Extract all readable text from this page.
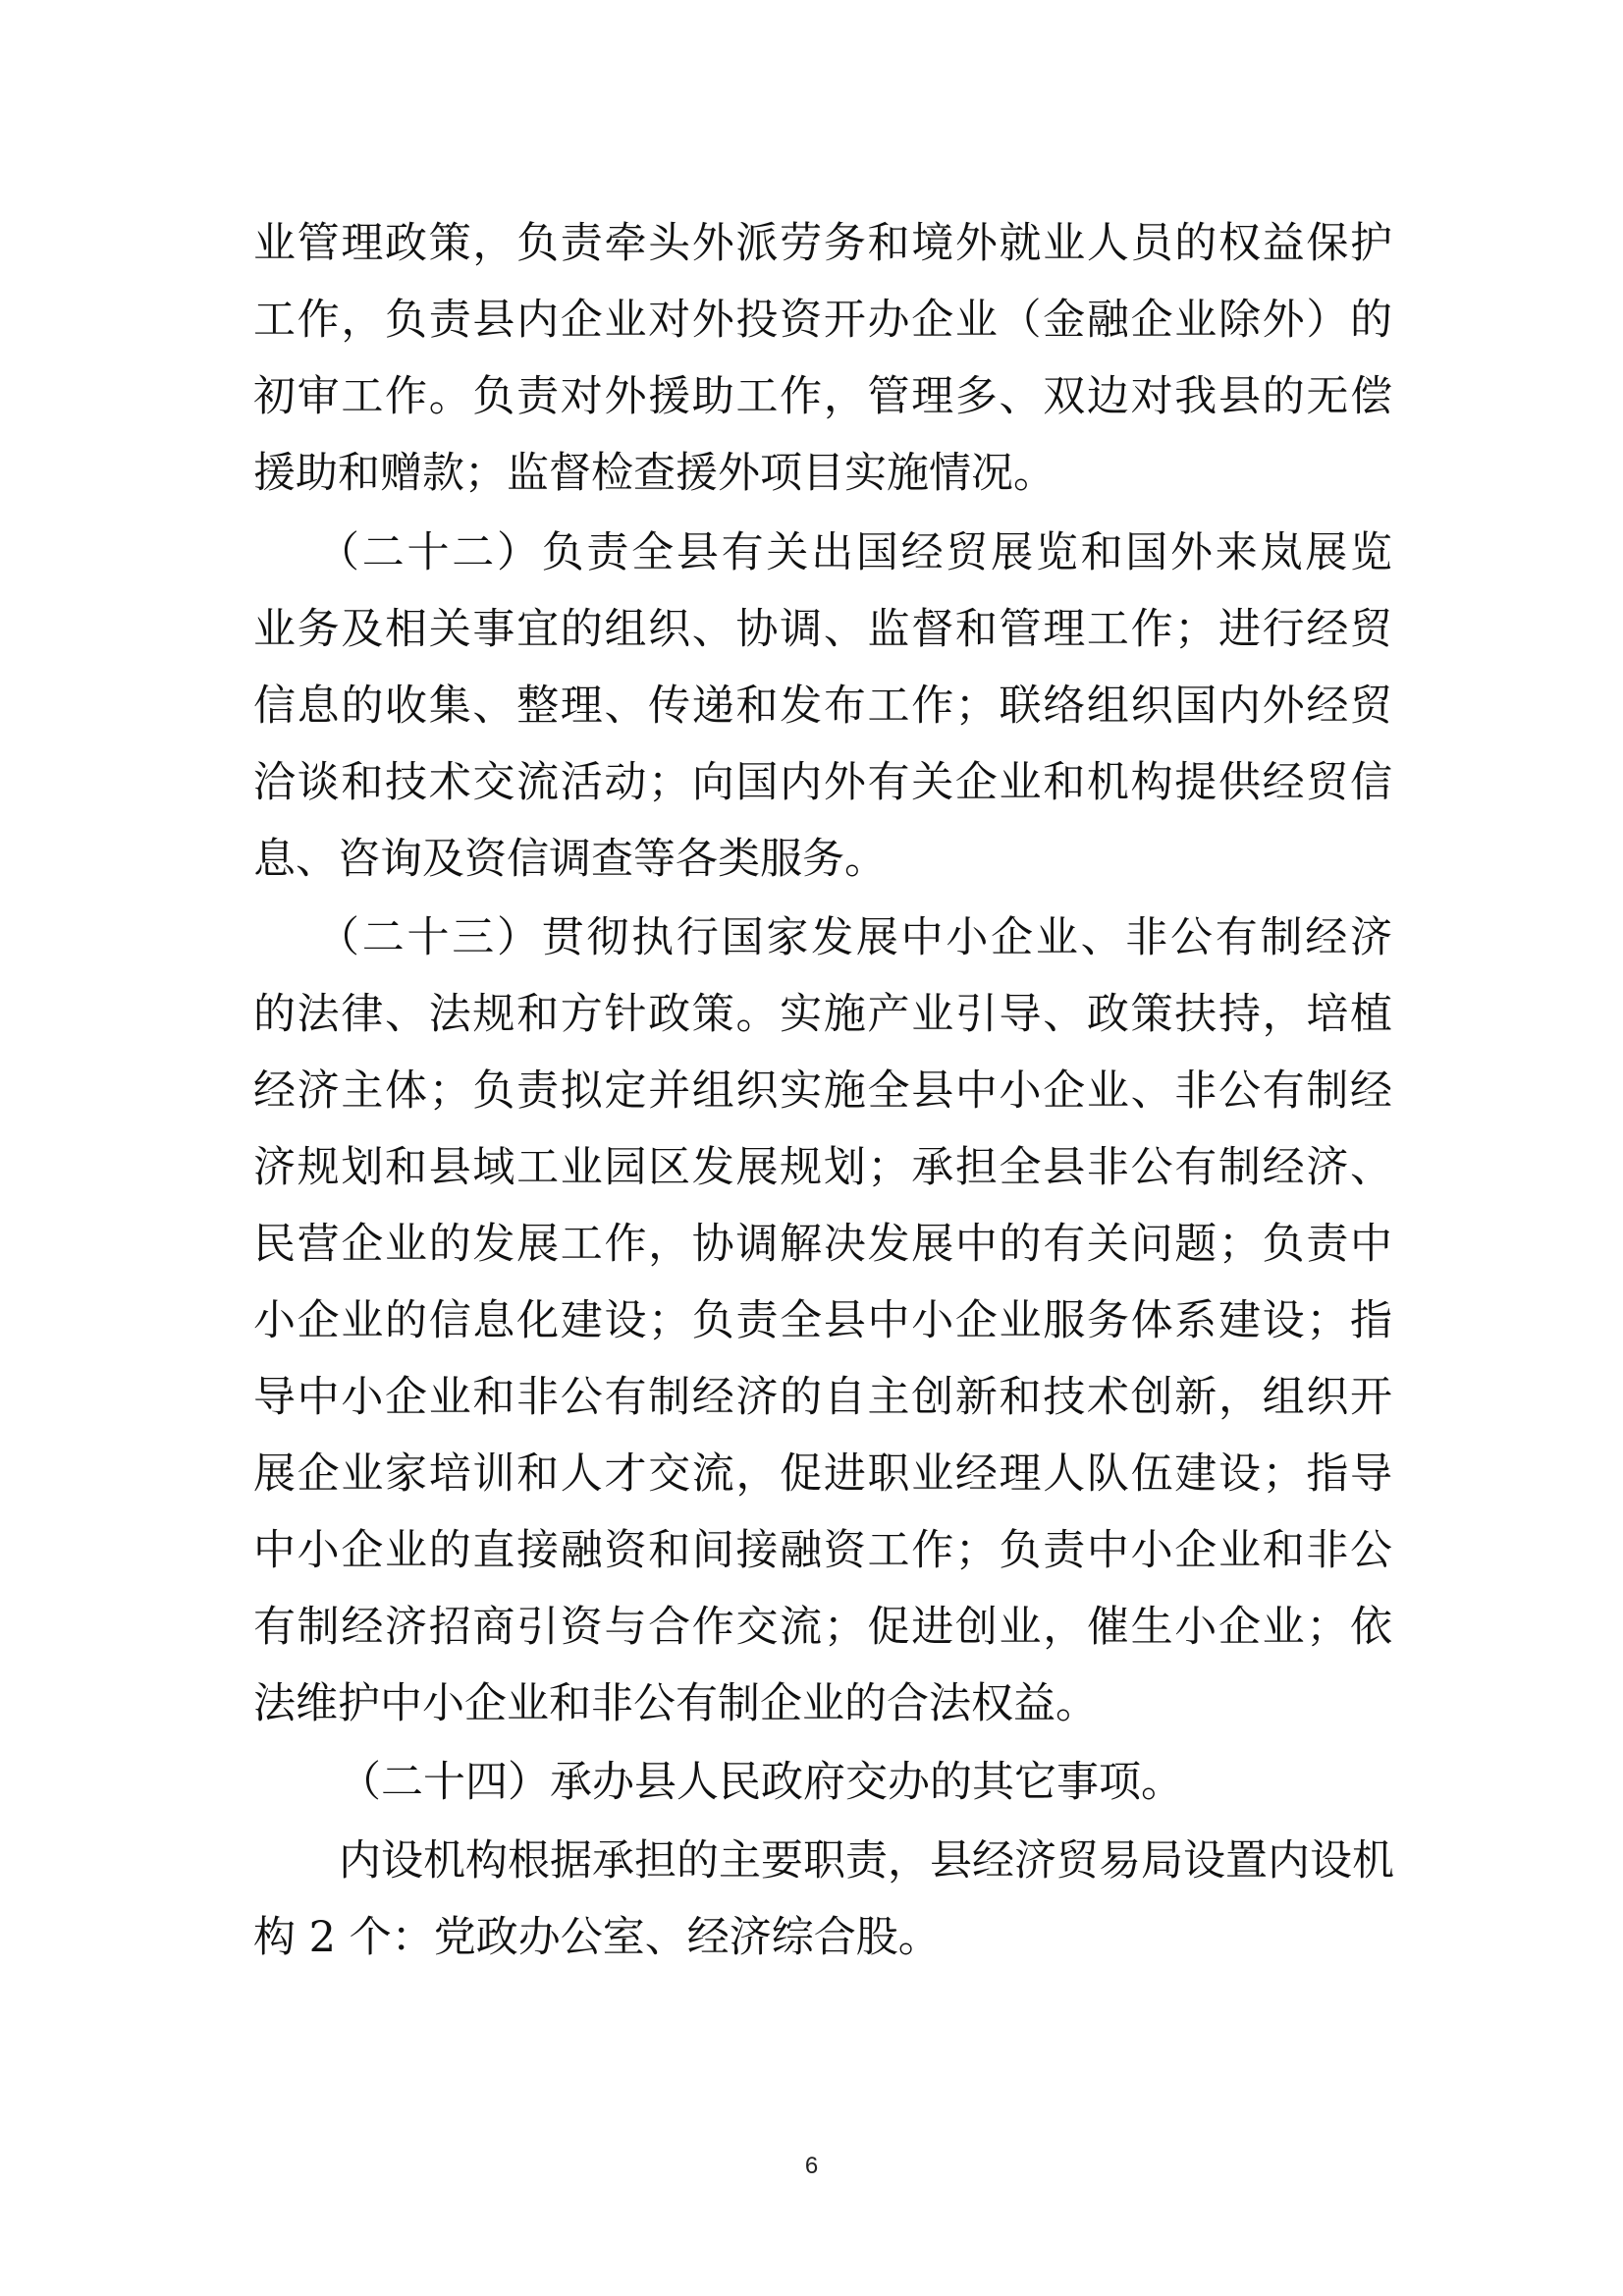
业管理政策，负责牵头外派劳务和境外就业人员的权益保护
工作，负责县内企业对外投资开办企业（金融企业除外）的
初审工作。负责对外援助工作，管理多、双边对我县的无偿
援助和赠款；监督检查援外项目实施情况。
（二十二）负责全县有关出国经贸展览和国外来岚展览
业务及相关事宜的组织、协调、监督和管理工作；进行经贸
信息的收集、整理、传递和发布工作；联络组织国内外经贸
洽谈和技术交流活动；向国内外有关企业和机构提供经贸信
息、咨询及资信调查等各类服务。
（二十三）贯彻执行国家发展中小企业、非公有制经济
的法律、法规和方针政策。实施产业引导、政策扶持，培植
经济主体；负责拟定并组织实施全县中小企业、非公有制经
济规划和县域工业园区发展规划；承担全县非公有制经济、
民营企业的发展工作，协调解决发展中的有关问题；负责中
小企业的信息化建设；负责全县中小企业服务体系建设；指
导中小企业和非公有制经济的自主创新和技术创新，组织开
展企业家培训和人才交流，促进职业经理人队伍建设；指导
中小企业的直接融资和间接融资工作；负责中小企业和非公
有制经济招商引资与合作交流；促进创业，催生小企业；依
法维护中小企业和非公有制企业的合法权益。
（二十四）承办县人民政府交办的其它事项。
内设机构根据承担的主要职责，县经济贸易局设置内设机
构 2 个：党政办公室、经济综合股。
6
